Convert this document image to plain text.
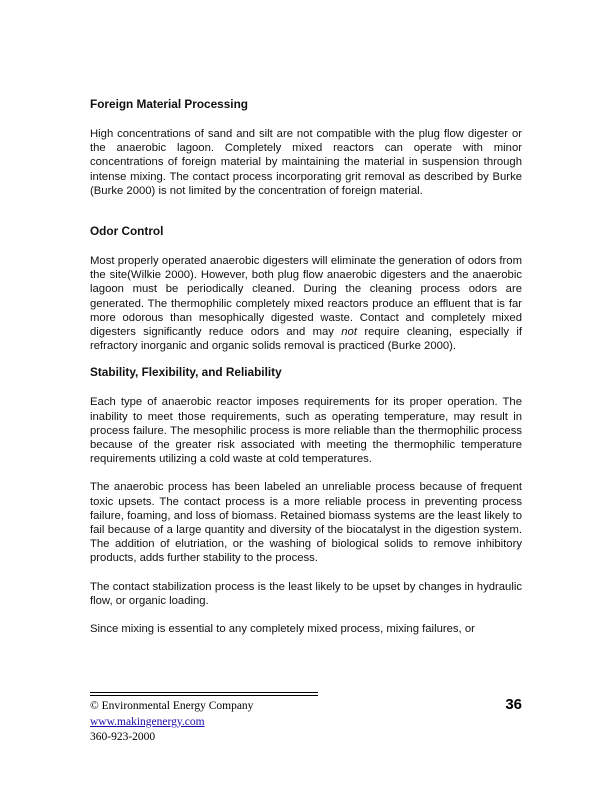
Foreign Material Processing

High concentrations of sand and silt are not compatible with the plug flow digester or the anaerobic lagoon. Completely mixed reactors can operate with minor concentrations of foreign material by maintaining the material in suspension through intense mixing. The contact process incorporating grit removal as described by Burke (Burke 2000) is not limited by the concentration of foreign material.

Odor Control

Most properly operated anaerobic digesters will eliminate the generation of odors from the site(Wilkie 2000). However, both plug flow anaerobic digesters and the anaerobic lagoon must be periodically cleaned. During the cleaning process odors are generated. The thermophilic completely mixed reactors produce an effluent that is far more odorous than mesophically digested waste. Contact and completely mixed digesters significantly reduce odors and may not require cleaning, especially if refractory inorganic and organic solids removal is practiced (Burke 2000).

Stability, Flexibility, and Reliability

Each type of anaerobic reactor imposes requirements for its proper operation. The inability to meet those requirements, such as operating temperature, may result in process failure. The mesophilic process is more reliable than the thermophilic process because of the greater risk associated with meeting the thermophilic temperature requirements utilizing a cold waste at cold temperatures.

The anaerobic process has been labeled an unreliable process because of frequent toxic upsets. The contact process is a more reliable process in preventing process failure, foaming, and loss of biomass. Retained biomass systems are the least likely to fail because of a large quantity and diversity of the biocatalyst in the digestion system. The addition of elutriation, or the washing of biological solids to remove inhibitory products, adds further stability to the process.

The contact stabilization process is the least likely to be upset by changes in hydraulic flow, or organic loading.

Since mixing is essential to any completely mixed process, mixing failures, or

© Environmental Energy Company
www.makingenergy.com
360-923-2000
36
